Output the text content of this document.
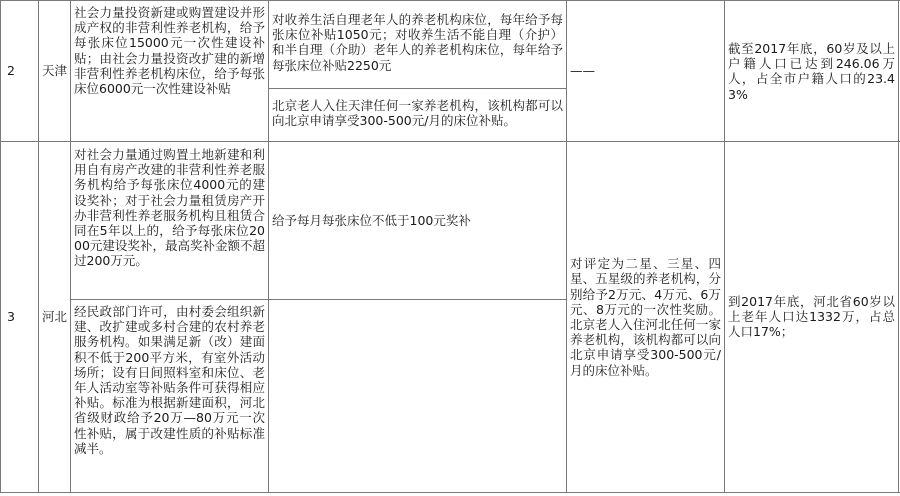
2	天津
社会力量投资新建或购置建设并形成产权的非营利性养老机构，给予每张床位15000元一次性建设补贴；由社会力量投资改扩建的新增非营利性养老机构床位，给予每张床位6000元一次性建设补贴
对收养生活自理老年人的养老机构床位，每年给予每张床位补贴1050元；对收养生活不能自理（介护）和半自理（介助）老年人的养老机构床位，每年给予每张床位补贴2250元
北京老人入住天津任何一家养老机构，该机构都可以向北京申请享受300-500元/月的床位补贴。
——
截至2017年底，60岁及以上户籍人口已达到246.06万人，占全市户籍人口的23.43%
3	河北
对社会力量通过购置土地新建和利用自有房产改建的非营利性养老服务机构给予每张床位4000元的建设奖补；对于社会力量租赁房产开办非营利性养老服务机构且租赁合同在5年以上的，给予每张床位2000元建设奖补，最高奖补金额不超过200万元。
给予每月每张床位不低于100元奖补
经民政部门许可，由村委会组织新建、改扩建或多村合建的农村养老服务机构。如果满足新（改）建面积不低于200平方米，有室外活动场所；设有日间照料室和床位、老年人活动室等补贴条件可获得相应补贴。标准为根据新建面积，河北省级财政给予20万—80万元一次性补贴，属于改建性质的补贴标准减半。
对评定为二星、三星、四星、五星级的养老机构，分别给予2万元、4万元、6万元、8万元的一次性奖励。北京老人入住河北任何一家养老机构，该机构都可以向北京申请享受300-500元/月的床位补贴。
到2017年底，河北省60岁以上老年人口达1332万，占总人口17%；
